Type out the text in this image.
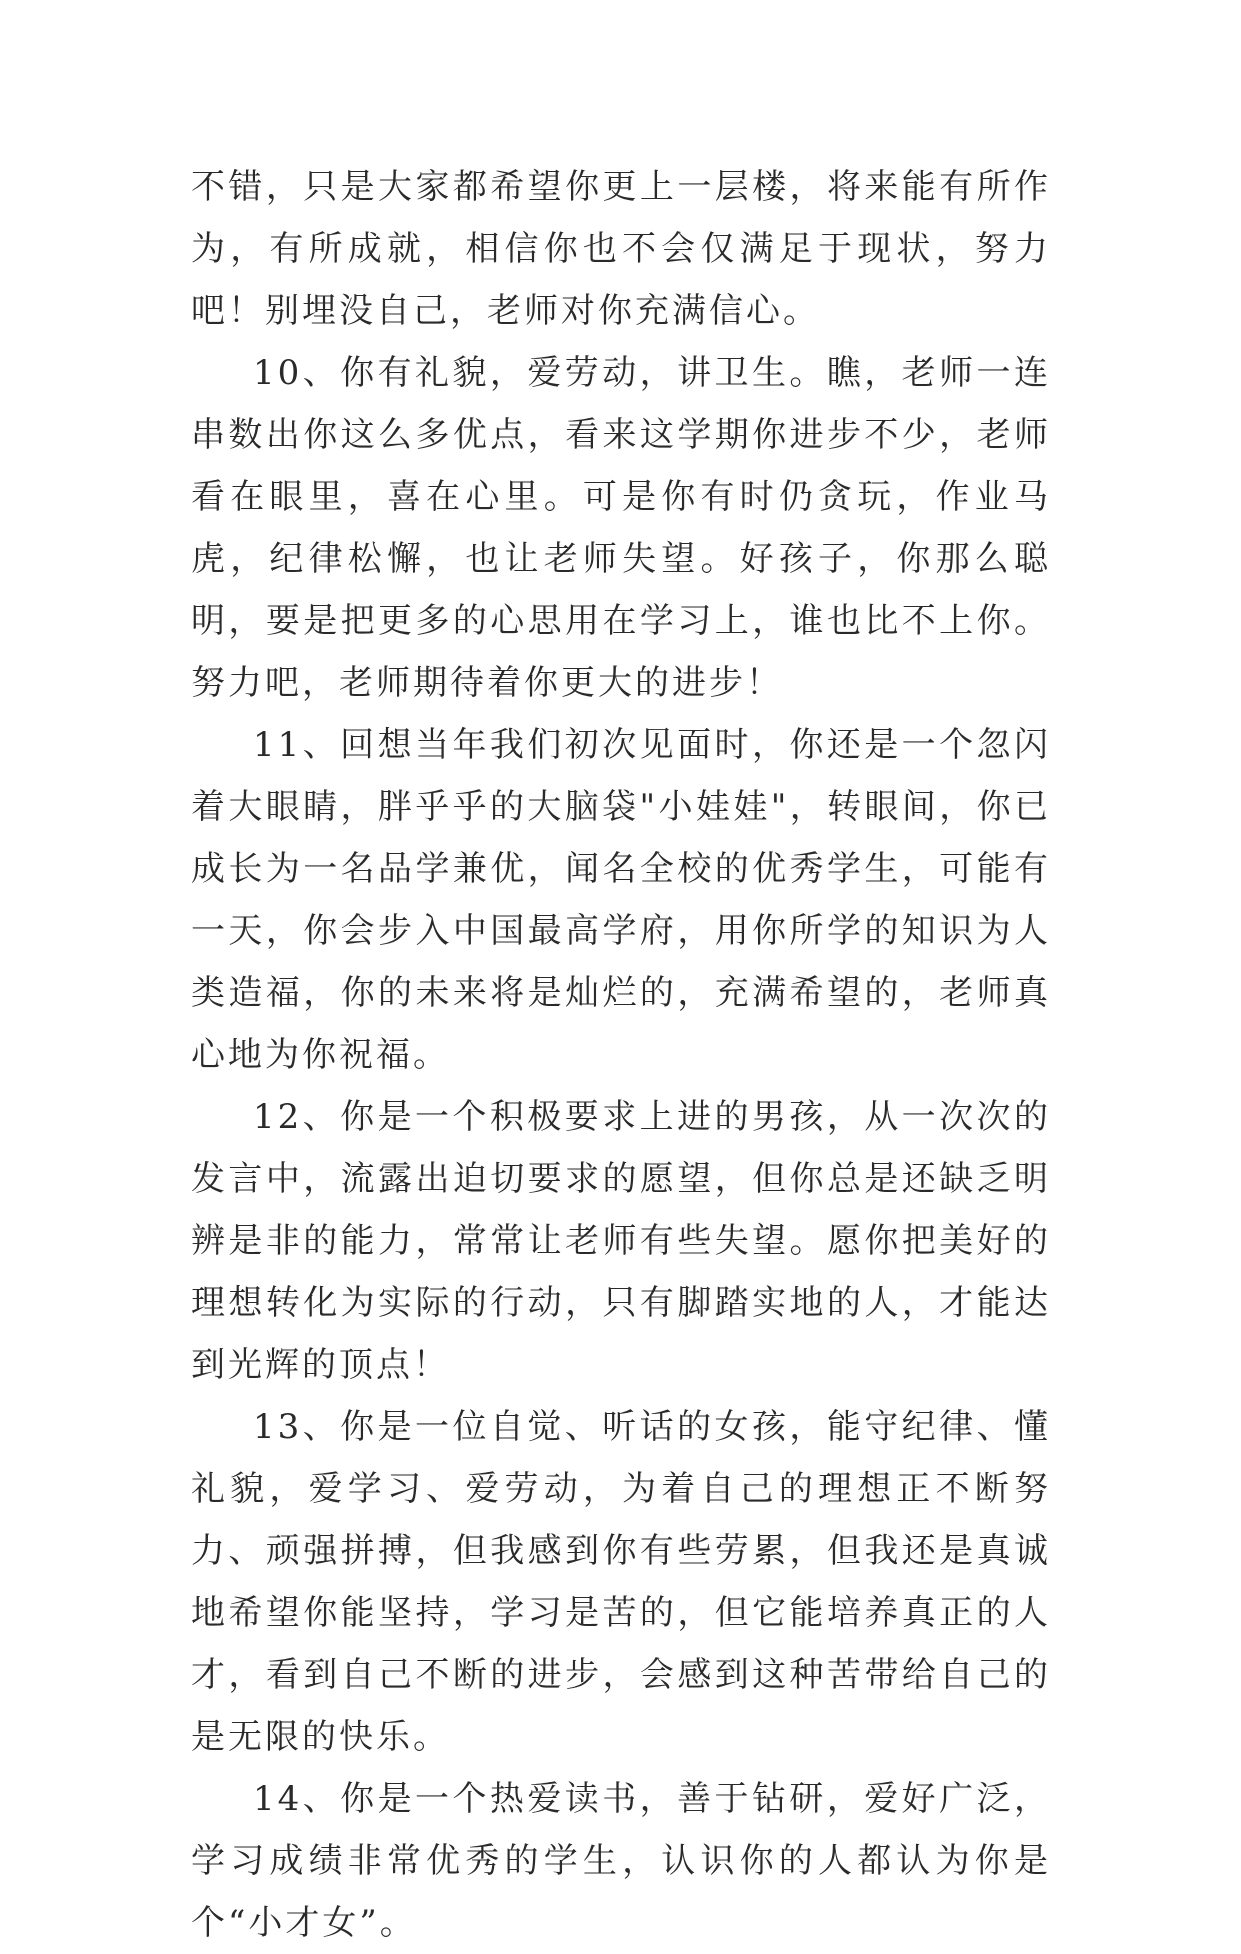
不错，只是大家都希望你更上一层楼，将来能有所作为，有所成就，相信你也不会仅满足于现状，努力吧！别埋没自己，老师对你充满信心。

10、你有礼貌，爱劳动，讲卫生。瞧，老师一连串数出你这么多优点，看来这学期你进步不少，老师看在眼里，喜在心里。可是你有时仍贪玩，作业马虎，纪律松懈，也让老师失望。好孩子，你那么聪明，要是把更多的心思用在学习上，谁也比不上你。努力吧，老师期待着你更大的进步！

11、回想当年我们初次见面时，你还是一个忽闪着大眼睛，胖乎乎的大脑袋"小娃娃"，转眼间，你已成长为一名品学兼优，闻名全校的优秀学生，可能有一天，你会步入中国最高学府，用你所学的知识为人类造福，你的未来将是灿烂的，充满希望的，老师真心地为你祝福。

12、你是一个积极要求上进的男孩，从一次次的发言中，流露出迫切要求的愿望，但你总是还缺乏明辨是非的能力，常常让老师有些失望。愿你把美好的理想转化为实际的行动，只有脚踏实地的人，才能达到光辉的顶点！

13、你是一位自觉、听话的女孩，能守纪律、懂礼貌，爱学习、爱劳动，为着自己的理想正不断努力、顽强拼搏，但我感到你有些劳累，但我还是真诚地希望你能坚持，学习是苦的，但它能培养真正的人才，看到自己不断的进步，会感到这种苦带给自己的是无限的快乐。

14、你是一个热爱读书，善于钻研，爱好广泛，学习成绩非常优秀的学生，认识你的人都认为你是个“小才女”。
